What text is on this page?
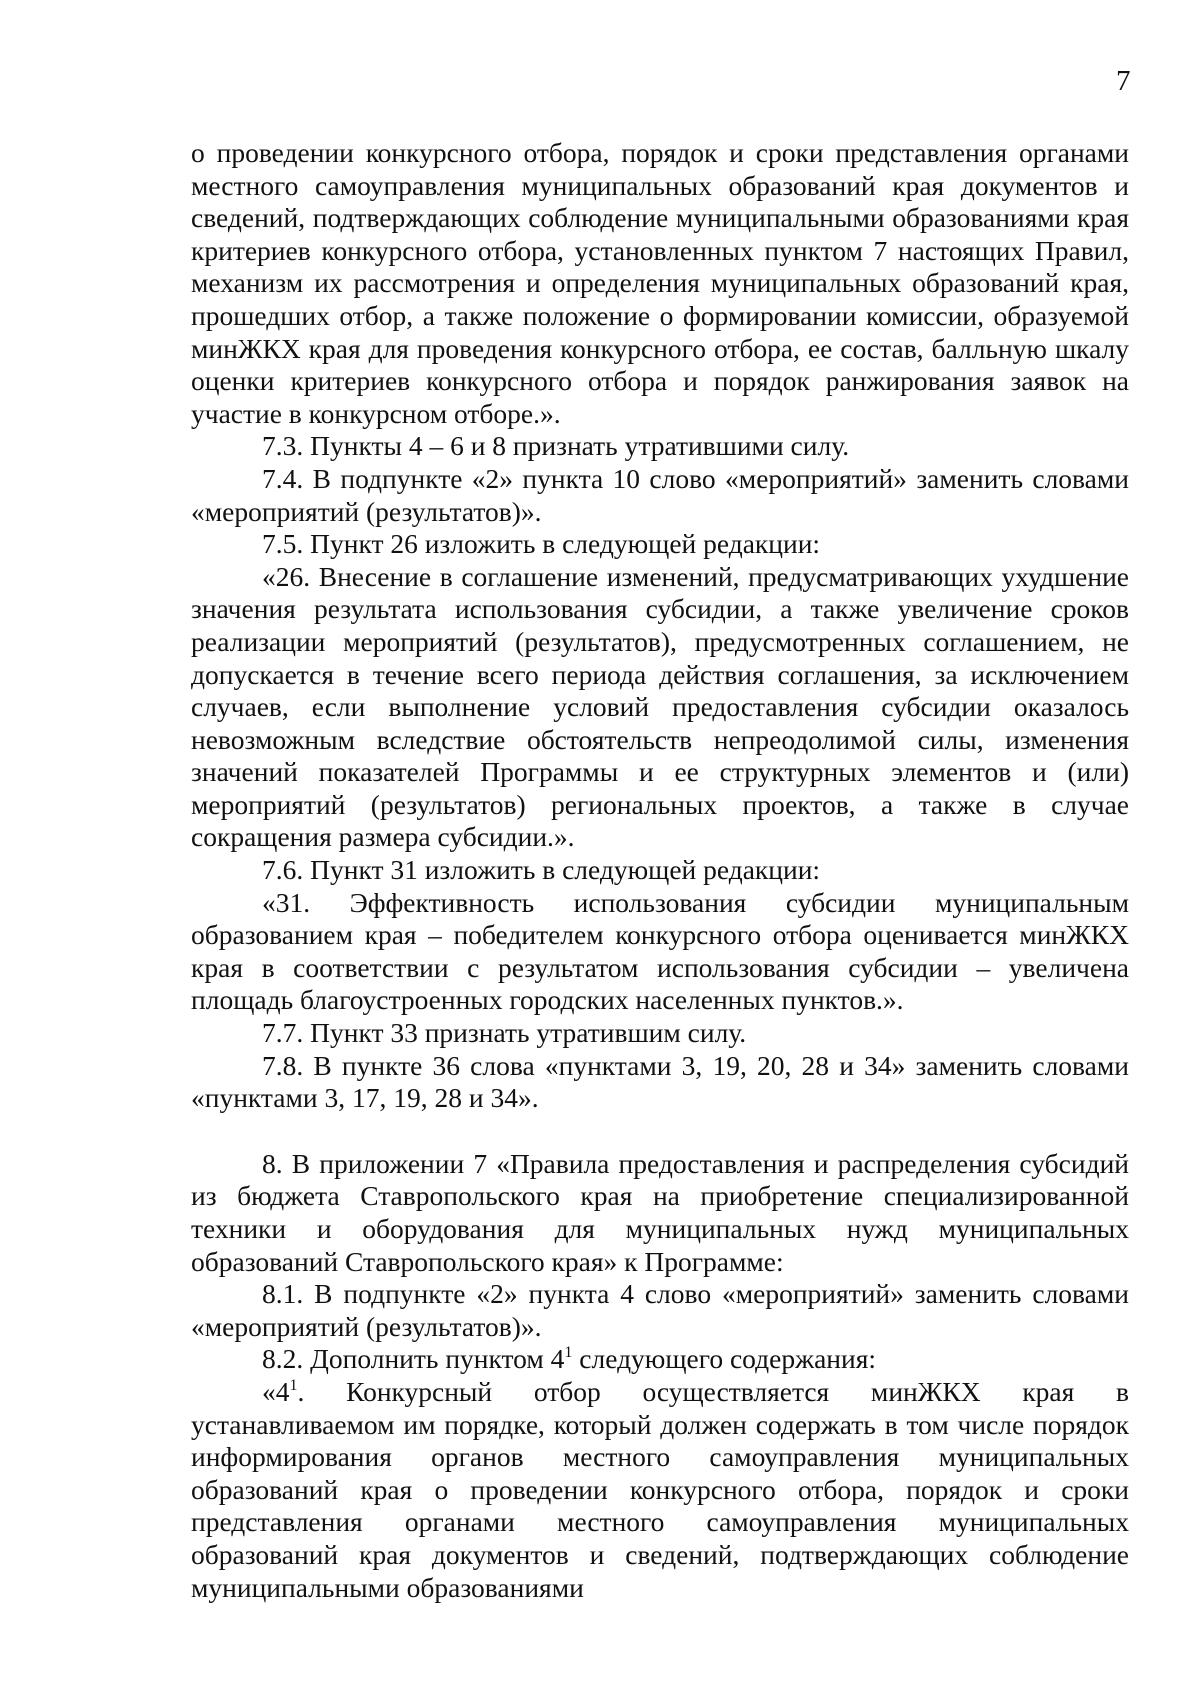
7

о проведении конкурсного отбора, порядок и сроки представления органами местного самоуправления муниципальных образований края документов и сведений, подтверждающих соблюдение муниципальными образованиями края критериев конкурсного отбора, установленных пунктом 7 настоящих Правил, механизм их рассмотрения и определения муниципальных образований края, прошедших отбор, а также положение о формировании комиссии, образуемой минЖКХ края для проведения конкурсного отбора, ее состав, балльную шкалу оценки критериев конкурсного отбора и порядок ранжирования заявок на участие в конкурсном отборе.».

7.3. Пункты 4 – 6 и 8 признать утратившими силу.

7.4. В подпункте «2» пункта 10 слово «мероприятий» заменить словами «мероприятий (результатов)».

7.5. Пункт 26 изложить в следующей редакции:

«26. Внесение в соглашение изменений, предусматривающих ухудшение значения результата использования субсидии, а также увеличение сроков реализации мероприятий (результатов), предусмотренных соглашением, не допускается в течение всего периода действия соглашения, за исключением случаев, если выполнение условий предоставления субсидии оказалось невозможным вследствие обстоятельств непреодолимой силы, изменения значений показателей Программы и ее структурных элементов и (или) мероприятий (результатов) региональных проектов, а также в случае сокращения размера субсидии.».

7.6. Пункт 31 изложить в следующей редакции:

«31. Эффективность использования субсидии муниципальным образованием края – победителем конкурсного отбора оценивается минЖКХ края в соответствии с результатом использования субсидии – увеличена площадь благоустроенных городских населенных пунктов.».

7.7. Пункт 33 признать утратившим силу.

7.8. В пункте 36 слова «пунктами 3, 19, 20, 28 и 34» заменить словами «пунктами 3, 17, 19, 28 и 34».

8. В приложении 7 «Правила предоставления и распределения субсидий из бюджета Ставропольского края на приобретение специализированной техники и оборудования для муниципальных нужд муниципальных образований Ставропольского края» к Программе:

8.1. В подпункте «2» пункта 4 слово «мероприятий» заменить словами «мероприятий (результатов)».

8.2. Дополнить пунктом $4^1$ следующего содержания:

«$4^1$. Конкурсный отбор осуществляется минЖКХ края в устанавливаемом им порядке, который должен содержать в том числе порядок информирования органов местного самоуправления муниципальных образований края о проведении конкурсного отбора, порядок и сроки представления органами местного самоуправления муниципальных образований края документов и сведений, подтверждающих соблюдение муниципальными образованиями
